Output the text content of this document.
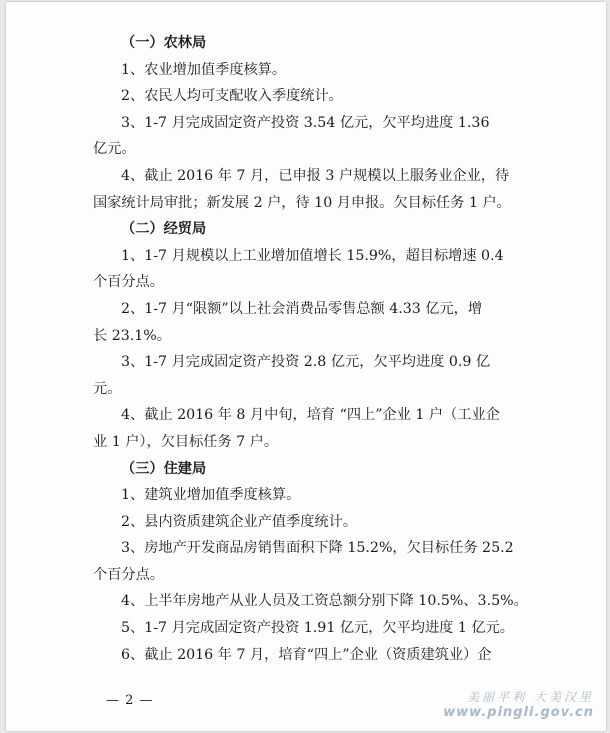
（一）农林局
1、农业增加值季度核算。
2、农民人均可支配收入季度统计。
3、1-7 月完成固定资产投资 3.54 亿元，欠平均进度 1.36
亿元。
4、截止 2016 年 7 月，已申报 3 户规模以上服务业企业，待
国家统计局审批；新发展 2 户，待 10 月申报。欠目标任务 1 户。
（二）经贸局
1、1-7 月规模以上工业增加值增长 15.9%，超目标增速 0.4
个百分点。
2、1-7 月“限额”以上社会消费品零售总额 4.33 亿元，增
长 23.1%。
3、1-7 月完成固定资产投资 2.8 亿元，欠平均进度 0.9 亿
元。
4、截止 2016 年 8 月中旬，培育 “四上”企业 1 户（工业企
业 1 户），欠目标任务 7 户。
（三）住建局
1、建筑业增加值季度核算。
2、县内资质建筑企业产值季度统计。
3、房地产开发商品房销售面积下降 15.2%，欠目标任务 25.2
个百分点。
4、上半年房地产从业人员及工资总额分别下降 10.5%、3.5%。
5、1-7 月完成固定资产投资 1.91 亿元，欠平均进度 1 亿元。
6、截止 2016 年 7 月，培育“四上”企业（资质建筑业）企
— 2 —	美丽平利 大美汉里
www.pingli.gov.cn
